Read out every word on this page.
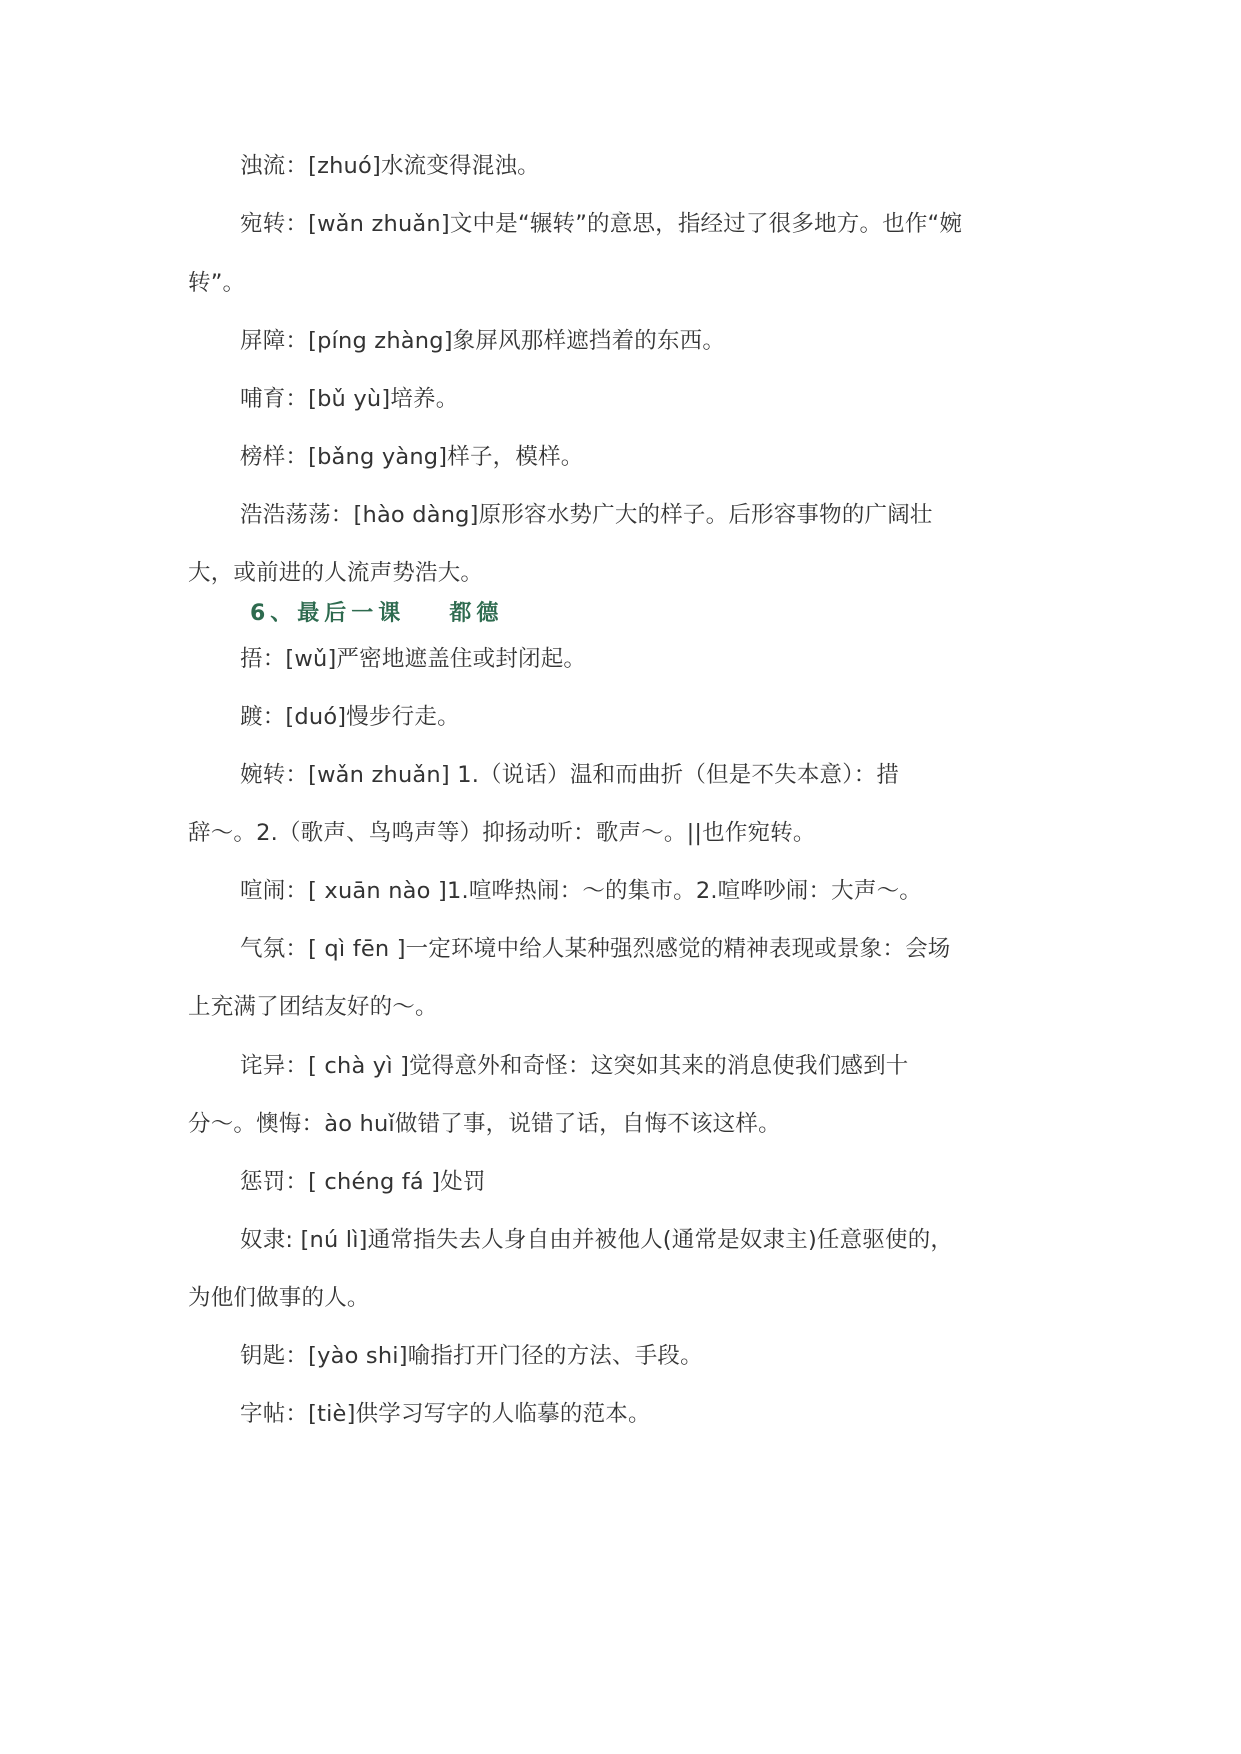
浊流：[zhuó]水流变得混浊。
宛转：[wǎn zhuǎn]文中是“辗转”的意思，指经过了很多地方。也作“婉
转”。
屏障：[píng zhàng]象屏风那样遮挡着的东西。
哺育：[bǔ yù]培养。
榜样：[bǎng yàng]样子，模样。
浩浩荡荡：[hào dàng]原形容水势广大的样子。后形容事物的广阔壮
大，或前进的人流声势浩大。
6、最后一课 都德
捂：[wǔ]严密地遮盖住或封闭起。
踱：[duó]慢步行走。
婉转：[wǎn zhuǎn] 1.（说话）温和而曲折（但是不失本意）：措
辞～。2.（歌声、鸟鸣声等）抑扬动听：歌声～。||也作宛转。
喧闹：[ xuān nào ]1.喧哗热闹：～的集市。2.喧哗吵闹：大声～。
气氛：[ qì fēn ]一定环境中给人某种强烈感觉的精神表现或景象：会场
上充满了团结友好的～。
诧异：[ chà yì ]觉得意外和奇怪：这突如其来的消息使我们感到十
分～。懊悔：ào huǐ做错了事，说错了话，自悔不该这样。
惩罚：[ chéng fá ]处罚
奴隶: [nú lì]通常指失去人身自由并被他人(通常是奴隶主)任意驱使的，
为他们做事的人。
钥匙：[yào shi]喻指打开门径的方法、手段。
字帖：[tiè]供学习写字的人临摹的范本。
